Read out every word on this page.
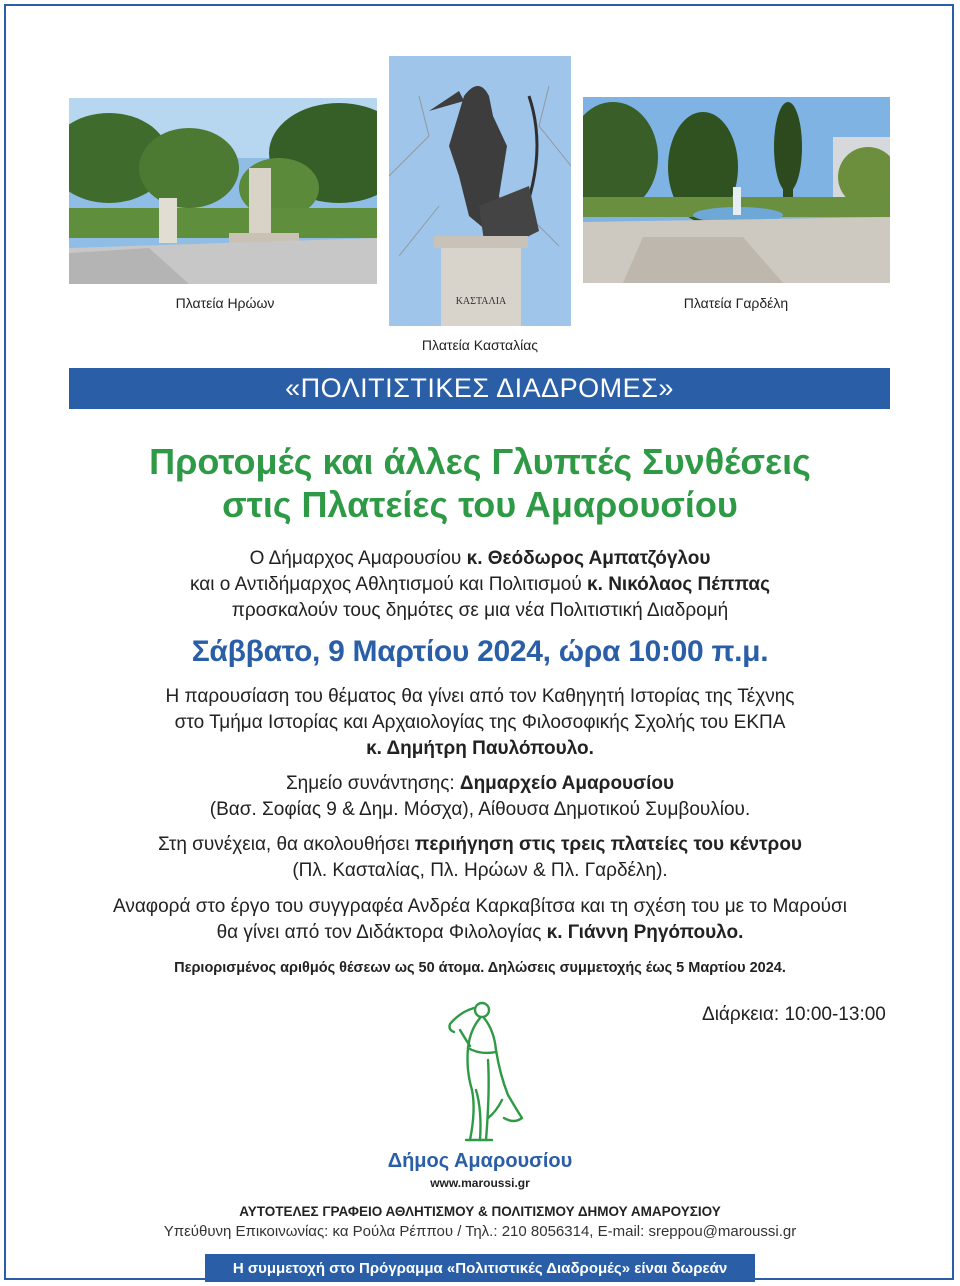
Πλατεία Ηρώων	ΚΑΣΤΑΛΙΑ
Πλατεία Κασταλίας
Πλατεία Γαρδέλη
«ΠΟΛΙΤΙΣΤΙΚΕΣ ΔΙΑΔΡΟΜΕΣ»
Προτομές και άλλες Γλυπτές Συνθέσεις
στις Πλατείες του Αμαρουσίου
Ο Δήμαρχος Αμαρουσίου κ. Θεόδωρος Αμπατζόγλου
και ο Αντιδήμαρχος Αθλητισμού και Πολιτισμού κ. Νικόλαος Πέππας
προσκαλούν τους δημότες σε μια νέα Πολιτιστική Διαδρομή
Σάββατο, 9 Μαρτίου 2024, ώρα 10:00 π.μ.
Η παρουσίαση του θέματος θα γίνει από τον Καθηγητή Ιστορίας της Τέχνης
στο Τμήμα Ιστορίας και Αρχαιολογίας της Φιλοσοφικής Σχολής του ΕΚΠΑ
κ. Δημήτρη Παυλόπουλο.
Σημείο συνάντησης: Δημαρχείο Αμαρουσίου
(Βασ. Σοφίας 9 & Δημ. Μόσχα), Αίθουσα Δημοτικού Συμβουλίου.
Στη συνέχεια, θα ακολουθήσει περιήγηση στις τρεις πλατείες του κέντρου
(Πλ. Κασταλίας, Πλ. Ηρώων & Πλ. Γαρδέλη).
Αναφορά στο έργο του συγγραφέα Ανδρέα Καρκαβίτσα και τη σχέση του με το Μαρούσι
θα γίνει από τον Διδάκτορα Φιλολογίας κ. Γιάννη Ρηγόπουλο.
Περιορισμένος αριθμός θέσεων ως 50 άτομα. Δηλώσεις συμμετοχής έως 5 Μαρτίου 2024.
Διάρκεια: 10:00-13:00
Δήμος Αμαρουσίου
www.maroussi.gr
ΑΥΤΟΤΕΛΕΣ ΓΡΑΦΕΙΟ ΑΘΛΗΤΙΣΜΟΥ & ΠΟΛΙΤΙΣΜΟΥ ΔΗΜΟΥ ΑΜΑΡΟΥΣΙΟΥ
Υπεύθυνη Επικοινωνίας: κα Ρούλα Ρέππου / Τηλ.: 210 8056314, E-mail: sreppou@maroussi.gr
Η συμμετοχή στο Πρόγραμμα «Πολιτιστικές Διαδρομές» είναι δωρεάν
